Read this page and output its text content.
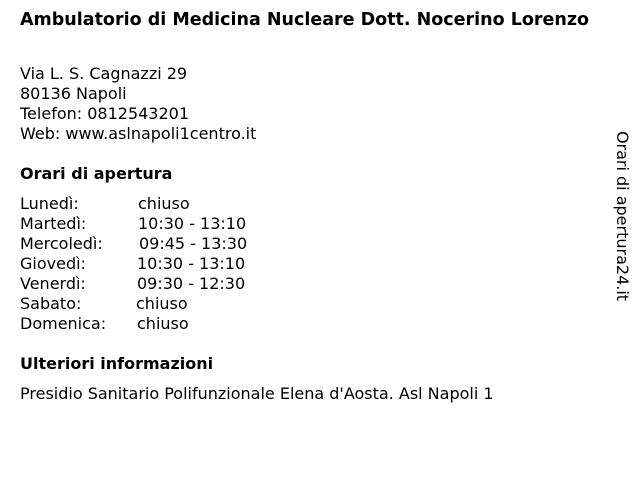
Ambulatorio di Medicina Nucleare Dott. Nocerino Lorenzo
Via L. S. Cagnazzi 29
80136 Napoli
Telefon: 0812543201
Web: www.aslnapoli1centro.it
Orari di apertura
Lunedì:	chiuso
Martedì:	10:30 - 13:10
Mercoledì: 09:45 - 13:30
Giovedì:	10:30 - 13:10
Venerdì:	09:30 - 12:30
Sabato:	chiuso
Domenica: chiuso
Ulteriori informazioni
Presidio Sanitario Polifunzionale Elena d'Aosta. Asl Napoli 1
Orari di apertura24.it
